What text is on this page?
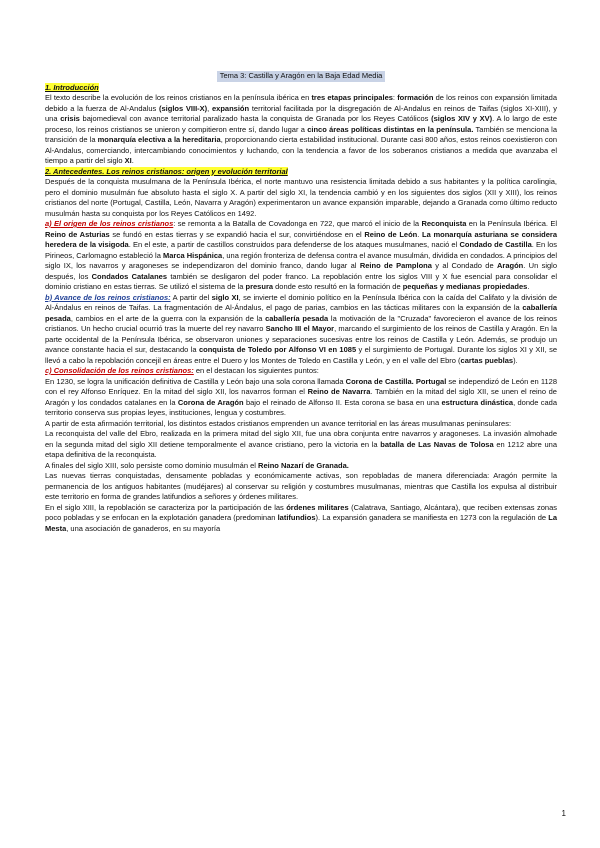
Tema 3: Castilla y Aragón en la Baja Edad Media
1. Introducción

El texto describe la evolución de los reinos cristianos en la península ibérica en tres etapas principales: formación de los reinos con expansión limitada debido a la fuerza de Al-Andalus (siglos VIII-X), expansión territorial facilitada por la disgregación de Al-Andalus en reinos de Taifas (siglos XI-XIII), y una crisis bajomedieval con avance territorial paralizado hasta la conquista de Granada por los Reyes Católicos (siglos XIV y XV). A lo largo de este proceso, los reinos cristianos se unieron y compitieron entre sí, dando lugar a cinco áreas políticas distintas en la península. También se menciona la transición de la monarquía electiva a la hereditaria, proporcionando cierta estabilidad institucional. Durante casi 800 años, estos reinos coexistieron con Al-Andalus, comerciando, intercambiando conocimientos y luchando, con la tendencia a favor de los soberanos cristianos a medida que avanzaba el tiempo a partir del siglo XI.

2. Antecedentes. Los reinos cristianos: origen y evolución territorial

Después de la conquista musulmana de la Península Ibérica, el norte mantuvo una resistencia limitada debido a sus habitantes y la política carolingia, pero el dominio musulmán fue absoluto hasta el siglo X. A partir del siglo XI, la tendencia cambió y en los siguientes dos siglos (XII y XIII), los reinos cristianos del norte (Portugal, Castilla, León, Navarra y Aragón) experimentaron un avance expansión imparable, dejando a Granada como último reducto musulmán hasta su conquista por los Reyes Católicos en 1492.

a) El origen de los reinos cristianos: se remonta a la Batalla de Covadonga en 722, que marcó el inicio de la Reconquista en la Península Ibérica. El Reino de Asturias se fundó en estas tierras y se expandió hacia el sur, convirtiéndose en el Reino de León. La monarquía asturiana se considera heredera de la visigoda. En el este, a partir de castillos construidos para defenderse de los ataques musulmanes, nació el Condado de Castilla. En los Pirineos, Carlomagno estableció la Marca Hispánica, una región fronteriza de defensa contra el avance musulmán, dividida en condados. A principios del siglo IX, los navarros y aragoneses se independizaron del dominio franco, dando lugar al Reino de Pamplona y al Condado de Aragón. Un siglo después, los Condados Catalanes también se desligaron del poder franco. La repoblación entre los siglos VIII y X fue esencial para consolidar el dominio cristiano en estas tierras. Se utilizó el sistema de la presura donde esto resultó en la formación de pequeñas y medianas propiedades.

b) Avance de los reinos cristianos: A partir del siglo XI, se invierte el dominio político en la Península Ibérica con la caída del Califato y la división de Al-Ándalus en reinos de Taifas. La fragmentación de Al-Ándalus, el pago de parias, cambios en las tácticas militares con la expansión de la caballería pesada, cambios en el arte de la guerra con la expansión de la caballería pesada la motivación de la "Cruzada" favorecieron el avance de los reinos cristianos. Un hecho crucial ocurrió tras la muerte del rey navarro Sancho III el Mayor, marcando el surgimiento de los reinos de Castilla y Aragón. En la parte occidental de la Península Ibérica, se observaron uniones y separaciones sucesivas entre los reinos de Castilla y León. Además, se produjo un avance constante hacia el sur, destacando la conquista de Toledo por Alfonso VI en 1085 y el surgimiento de Portugal. Durante los siglos XI y XII, se llevó a cabo la repoblación concejil en áreas entre el Duero y los Montes de Toledo en Castilla y León, y en el valle del Ebro (cartas pueblas).

c) Consolidación de los reinos cristianos: en el destacan los siguientes puntos:

En 1230, se logra la unificación definitiva de Castilla y León bajo una sola corona llamada Corona de Castilla. Portugal se independizó de León en 1128 con el rey Alfonso Enríquez. En la mitad del siglo XII, los navarros forman el Reino de Navarra. También en la mitad del siglo XII, se unen el reino de Aragón y los condados catalanes en la Corona de Aragón bajo el reinado de Alfonso II. Esta corona se basa en una estructura dinástica, donde cada territorio conserva sus propias leyes, instituciones, lengua y costumbres.

A partir de esta afirmación territorial, los distintos estados cristianos emprenden un avance territorial en las áreas musulmanas peninsulares:

La reconquista del valle del Ebro, realizada en la primera mitad del siglo XII, fue una obra conjunta entre navarros y aragoneses. La invasión almohade en la segunda mitad del siglo XII detiene temporalmente el avance cristiano, pero la victoria en la batalla de Las Navas de Tolosa en 1212 abre una etapa definitiva de la reconquista.

A finales del siglo XIII, solo persiste como dominio musulmán el Reino Nazarí de Granada.

Las nuevas tierras conquistadas, densamente pobladas y económicamente activas, son repobladas de manera diferenciada: Aragón permite la permanencia de los antiguos habitantes (mudéjares) al conservar su religión y costumbres musulmanas, mientras que Castilla los expulsa al distribuir este territorio en forma de grandes latifundios a señores y órdenes militares.

En el siglo XIII, la repoblación se caracteriza por la participación de las órdenes militares (Calatrava, Santiago, Alcántara), que reciben extensas zonas poco pobladas y se enfocan en la explotación ganadera (predominan latifundios). La expansión ganadera se manifiesta en 1273 con la regulación de La Mesta, una asociación de ganaderos, en su mayoría

1
